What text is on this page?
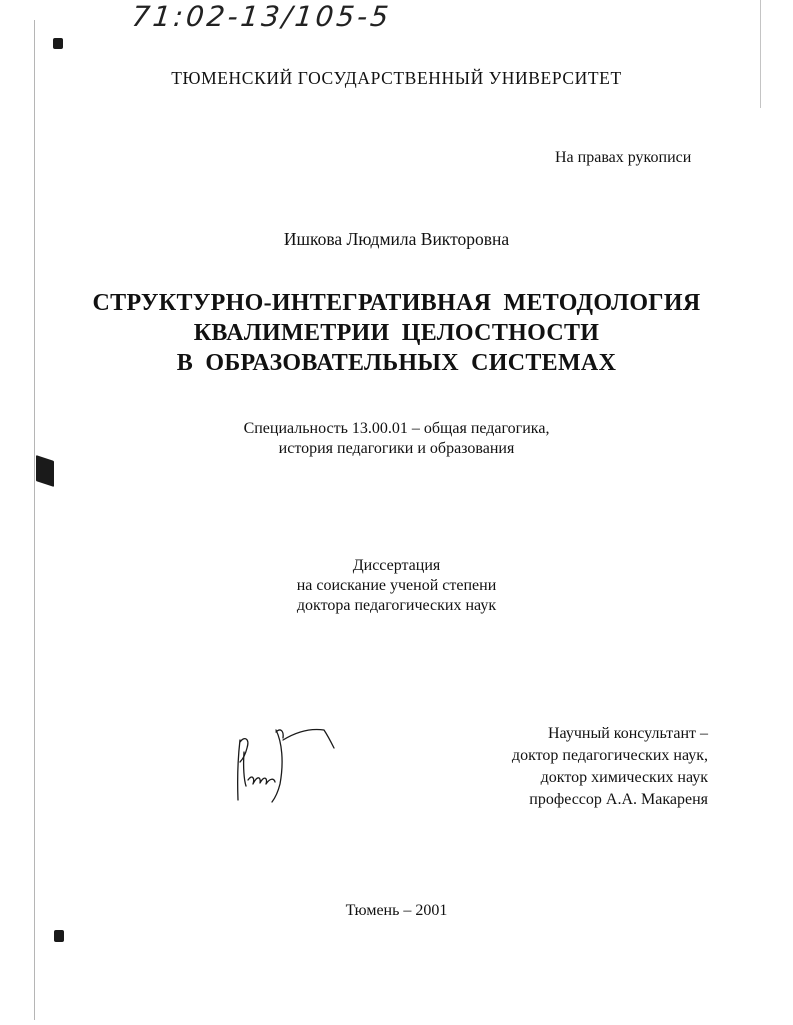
71:02-13/105-5
ТЮМЕНСКИЙ ГОСУДАРСТВЕННЫЙ УНИВЕРСИТЕТ
На правах рукописи
Ишкова Людмила Викторовна
СТРУКТУРНО-ИНТЕГРАТИВНАЯ МЕТОДОЛОГИЯ
КВАЛИМЕТРИИ ЦЕЛОСТНОСТИ
В ОБРАЗОВАТЕЛЬНЫХ СИСТЕМАХ
Специальность 13.00.01 – общая педагогика,
история педагогики и образования
Диссертация
на соискание ученой степени
доктора педагогических наук
Научный консультант –
доктор педагогических наук,
доктор химических наук
профессор А.А. Макареня
Тюмень – 2001
